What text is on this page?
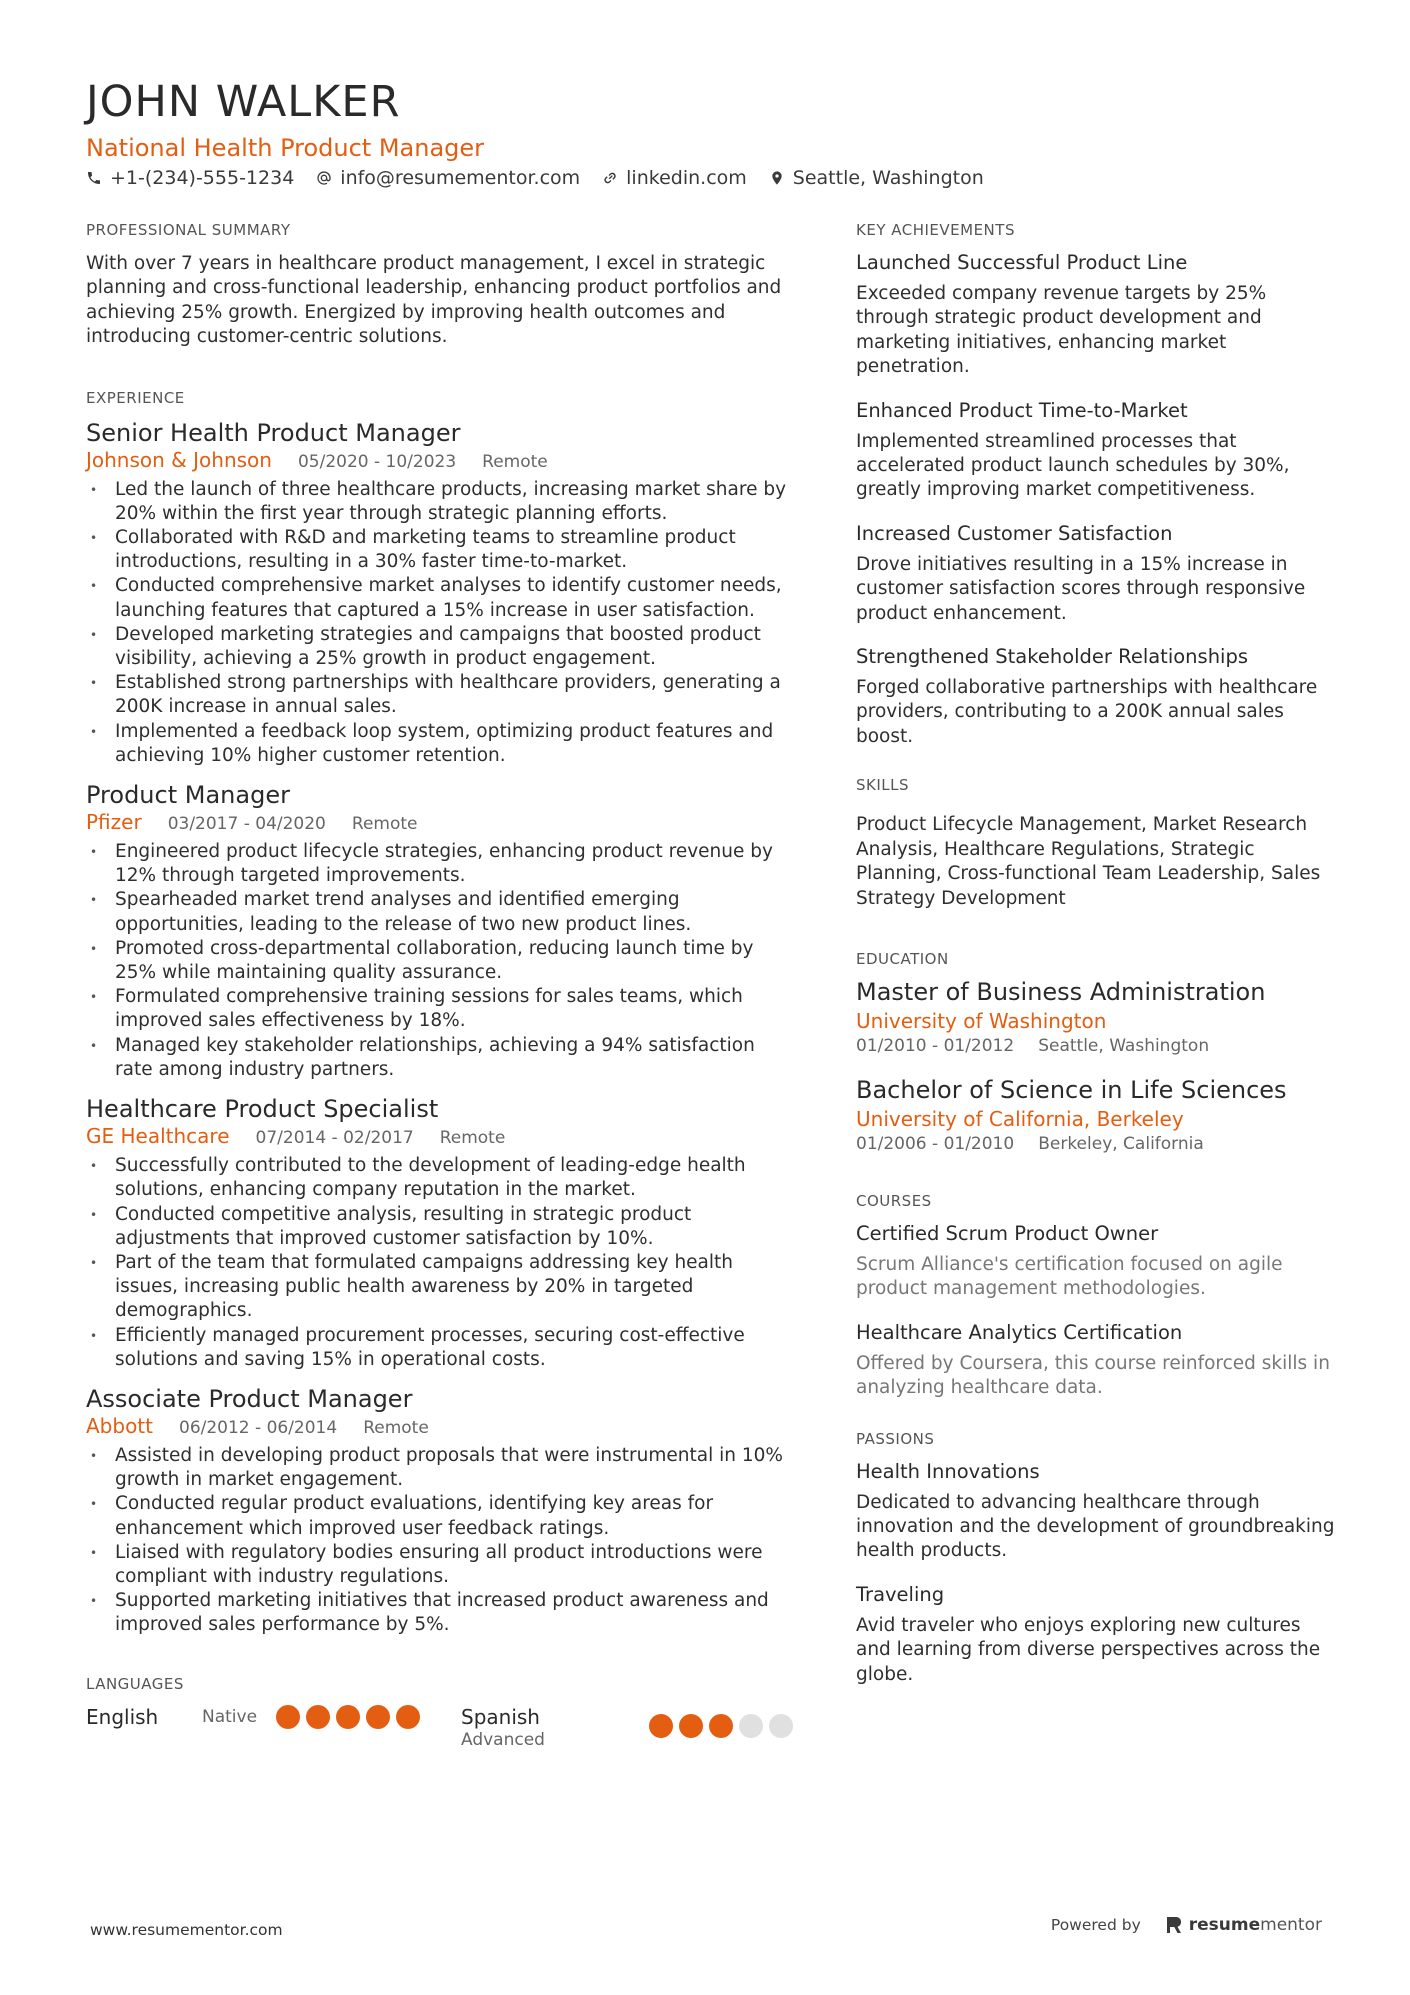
JOHN WALKER
National Health Product Manager
+1-(234)-555-1234 info@resumementor.com linkedin.com Seattle, Washington
PROFESSIONAL SUMMARY
With over 7 years in healthcare product management, I excel in strategic planning and cross-functional leadership, enhancing product portfolios and achieving 25% growth. Energized by improving health outcomes and introducing customer-centric solutions.
EXPERIENCE
Senior Health Product Manager
Johnson & Johnson 05/2020 - 10/2023 Remote
• Led the launch of three healthcare products, increasing market share by 20% within the first year through strategic planning efforts.
• Collaborated with R&D and marketing teams to streamline product introductions, resulting in a 30% faster time-to-market.
• Conducted comprehensive market analyses to identify customer needs, launching features that captured a 15% increase in user satisfaction.
• Developed marketing strategies and campaigns that boosted product visibility, achieving a 25% growth in product engagement.
• Established strong partnerships with healthcare providers, generating a 200K increase in annual sales.
• Implemented a feedback loop system, optimizing product features and achieving 10% higher customer retention.
Product Manager
Pfizer 03/2017 - 04/2020 Remote
• Engineered product lifecycle strategies, enhancing product revenue by 12% through targeted improvements.
• Spearheaded market trend analyses and identified emerging opportunities, leading to the release of two new product lines.
• Promoted cross-departmental collaboration, reducing launch time by 25% while maintaining quality assurance.
• Formulated comprehensive training sessions for sales teams, which improved sales effectiveness by 18%.
• Managed key stakeholder relationships, achieving a 94% satisfaction rate among industry partners.
Healthcare Product Specialist
GE Healthcare 07/2014 - 02/2017 Remote
• Successfully contributed to the development of leading-edge health solutions, enhancing company reputation in the market.
• Conducted competitive analysis, resulting in strategic product adjustments that improved customer satisfaction by 10%.
• Part of the team that formulated campaigns addressing key health issues, increasing public health awareness by 20% in targeted demographics.
• Efficiently managed procurement processes, securing cost-effective solutions and saving 15% in operational costs.
Associate Product Manager
Abbott 06/2012 - 06/2014 Remote
• Assisted in developing product proposals that were instrumental in 10% growth in market engagement.
• Conducted regular product evaluations, identifying key areas for enhancement which improved user feedback ratings.
• Liaised with regulatory bodies ensuring all product introductions were compliant with industry regulations.
• Supported marketing initiatives that increased product awareness and improved sales performance by 5%.
LANGUAGES
English	Native	Spanish
Advanced
KEY ACHIEVEMENTS
Launched Successful Product Line
Exceeded company revenue targets by 25% through strategic product development and marketing initiatives, enhancing market penetration.
Enhanced Product Time-to-Market
Implemented streamlined processes that accelerated product launch schedules by 30%, greatly improving market competitiveness.
Increased Customer Satisfaction
Drove initiatives resulting in a 15% increase in customer satisfaction scores through responsive product enhancement.
Strengthened Stakeholder Relationships
Forged collaborative partnerships with healthcare providers, contributing to a 200K annual sales boost.
SKILLS
Product Lifecycle Management, Market Research Analysis, Healthcare Regulations, Strategic Planning, Cross-functional Team Leadership, Sales Strategy Development
EDUCATION
Master of Business Administration
University of Washington
01/2010 - 01/2012 Seattle, Washington
Bachelor of Science in Life Sciences
University of California, Berkeley
01/2006 - 01/2010 Berkeley, California
COURSES
Certified Scrum Product Owner
Scrum Alliance's certification focused on agile product management methodologies.
Healthcare Analytics Certification
Offered by Coursera, this course reinforced skills in analyzing healthcare data.
PASSIONS
Health Innovations
Dedicated to advancing healthcare through innovation and the development of groundbreaking health products.
Traveling
Avid traveler who enjoys exploring new cultures and learning from diverse perspectives across the globe.
www.resumementor.com	Powered by	resume mentor
